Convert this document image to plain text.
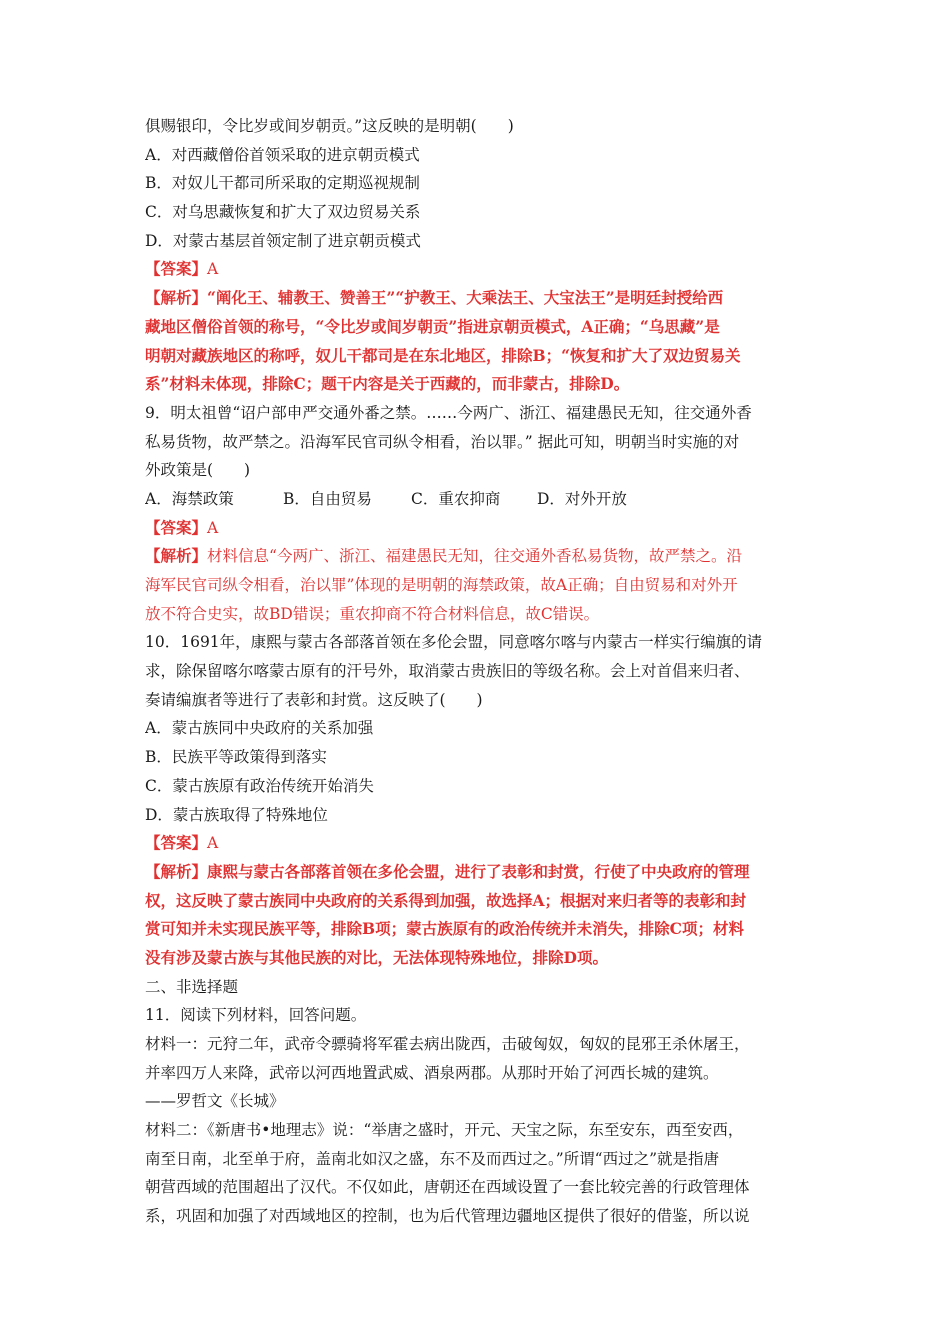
俱赐银印，令比岁或间岁朝贡。”这反映的是明朝(　　)
A．对西藏僧俗首领采取的进京朝贡模式
B．对奴儿干都司所采取的定期巡视规制
C．对乌思藏恢复和扩大了双边贸易关系
D．对蒙古基层首领定制了进京朝贡模式
【答案】A
【解析】“阐化王、辅教王、赞善王”“护教王、大乘法王、大宝法王”是明廷封授给西
藏地区僧俗首领的称号，“令比岁或间岁朝贡”指进京朝贡模式，A正确；“乌思藏”是
明朝对藏族地区的称呼，奴儿干都司是在东北地区，排除B；“恢复和扩大了双边贸易关
系”材料未体现，排除C；题干内容是关于西藏的，而非蒙古，排除D。
9．明太祖曾“诏户部申严交通外番之禁。……今两广、浙江、福建愚民无知，往交通外香
私易货物，故严禁之。沿海军民官司纵令相看，治以罪。” 据此可知，明朝当时实施的对
外政策是(　　)
A．海禁政策	B．自由贸易	C．重农抑商 D．对外开放
【答案】A
【解析】材料信息“今两广、浙江、福建愚民无知，往交通外香私易货物，故严禁之。沿
海军民官司纵令相看，治以罪”体现的是明朝的海禁政策，故A正确；自由贸易和对外开
放不符合史实，故BD错误；重农抑商不符合材料信息，故C错误。
10．1691年，康熙与蒙古各部落首领在多伦会盟，同意喀尔喀与内蒙古一样实行编旗的请
求，除保留喀尔喀蒙古原有的汗号外，取消蒙古贵族旧的等级名称。会上对首倡来归者、
奏请编旗者等进行了表彰和封赏。这反映了(　　)
A．蒙古族同中央政府的关系加强
B．民族平等政策得到落实
C．蒙古族原有政治传统开始消失
D．蒙古族取得了特殊地位
【答案】A
【解析】康熙与蒙古各部落首领在多伦会盟，进行了表彰和封赏，行使了中央政府的管理
权，这反映了蒙古族同中央政府的关系得到加强，故选择A；根据对来归者等的表彰和封
赏可知并未实现民族平等，排除B项；蒙古族原有的政治传统并未消失，排除C项；材料
没有涉及蒙古族与其他民族的对比，无法体现特殊地位，排除D项。
二、非选择题
11．阅读下列材料，回答问题。
材料一：元狩二年，武帝令骠骑将军霍去病出陇西，击破匈奴，匈奴的昆邪王杀休屠王，
并率四万人来降，武帝以河西地置武威、酒泉两郡。从那时开始了河西长城的建筑。
——罗哲文《长城》
材料二：《新唐书•地理志》说：“举唐之盛时，开元、天宝之际，东至安东，西至安西，
南至日南，北至单于府，盖南北如汉之盛，东不及而西过之。”所谓“西过之”就是指唐
朝营西域的范围超出了汉代。不仅如此，唐朝还在西域设置了一套比较完善的行政管理体
系，巩固和加强了对西域地区的控制，也为后代管理边疆地区提供了很好的借鉴，所以说
